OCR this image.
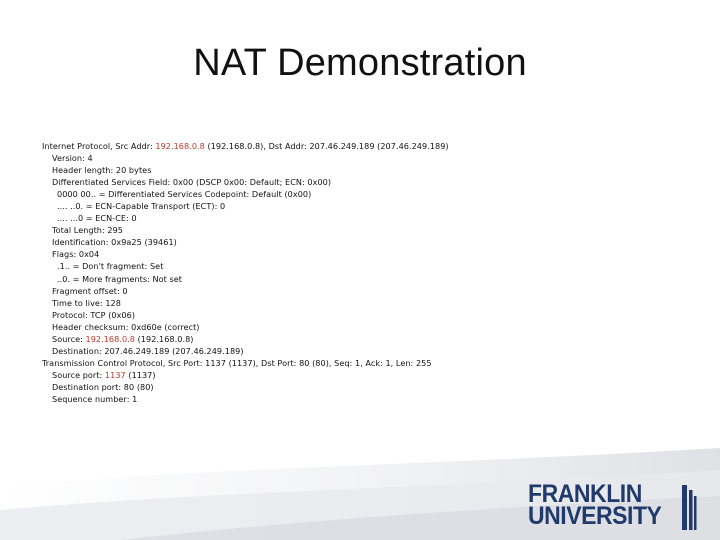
NAT Demonstration
Internet Protocol, Src Addr: 192.168.0.8 (192.168.0.8), Dst Addr: 207.46.249.189 (207.46.249.189)
Version: 4
Header length: 20 bytes
Differentiated Services Field: 0x00 (DSCP 0x00: Default; ECN: 0x00)
0000 00.. = Differentiated Services Codepoint: Default (0x00)
.... ..0. = ECN-Capable Transport (ECT): 0
.... ...0 = ECN-CE: 0
Total Length: 295
Identification: 0x9a25 (39461)
Flags: 0x04
.1.. = Don't fragment: Set
..0. = More fragments: Not set
Fragment offset: 0
Time to live: 128
Protocol: TCP (0x06)
Header checksum: 0xd60e (correct)
Source: 192.168.0.8 (192.168.0.8)
Destination: 207.46.249.189 (207.46.249.189)
Transmission Control Protocol, Src Port: 1137 (1137), Dst Port: 80 (80), Seq: 1, Ack: 1, Len: 255
Source port: 1137 (1137)
Destination port: 80 (80)
Sequence number: 1
FRANKLIN
UNIVERSITY
